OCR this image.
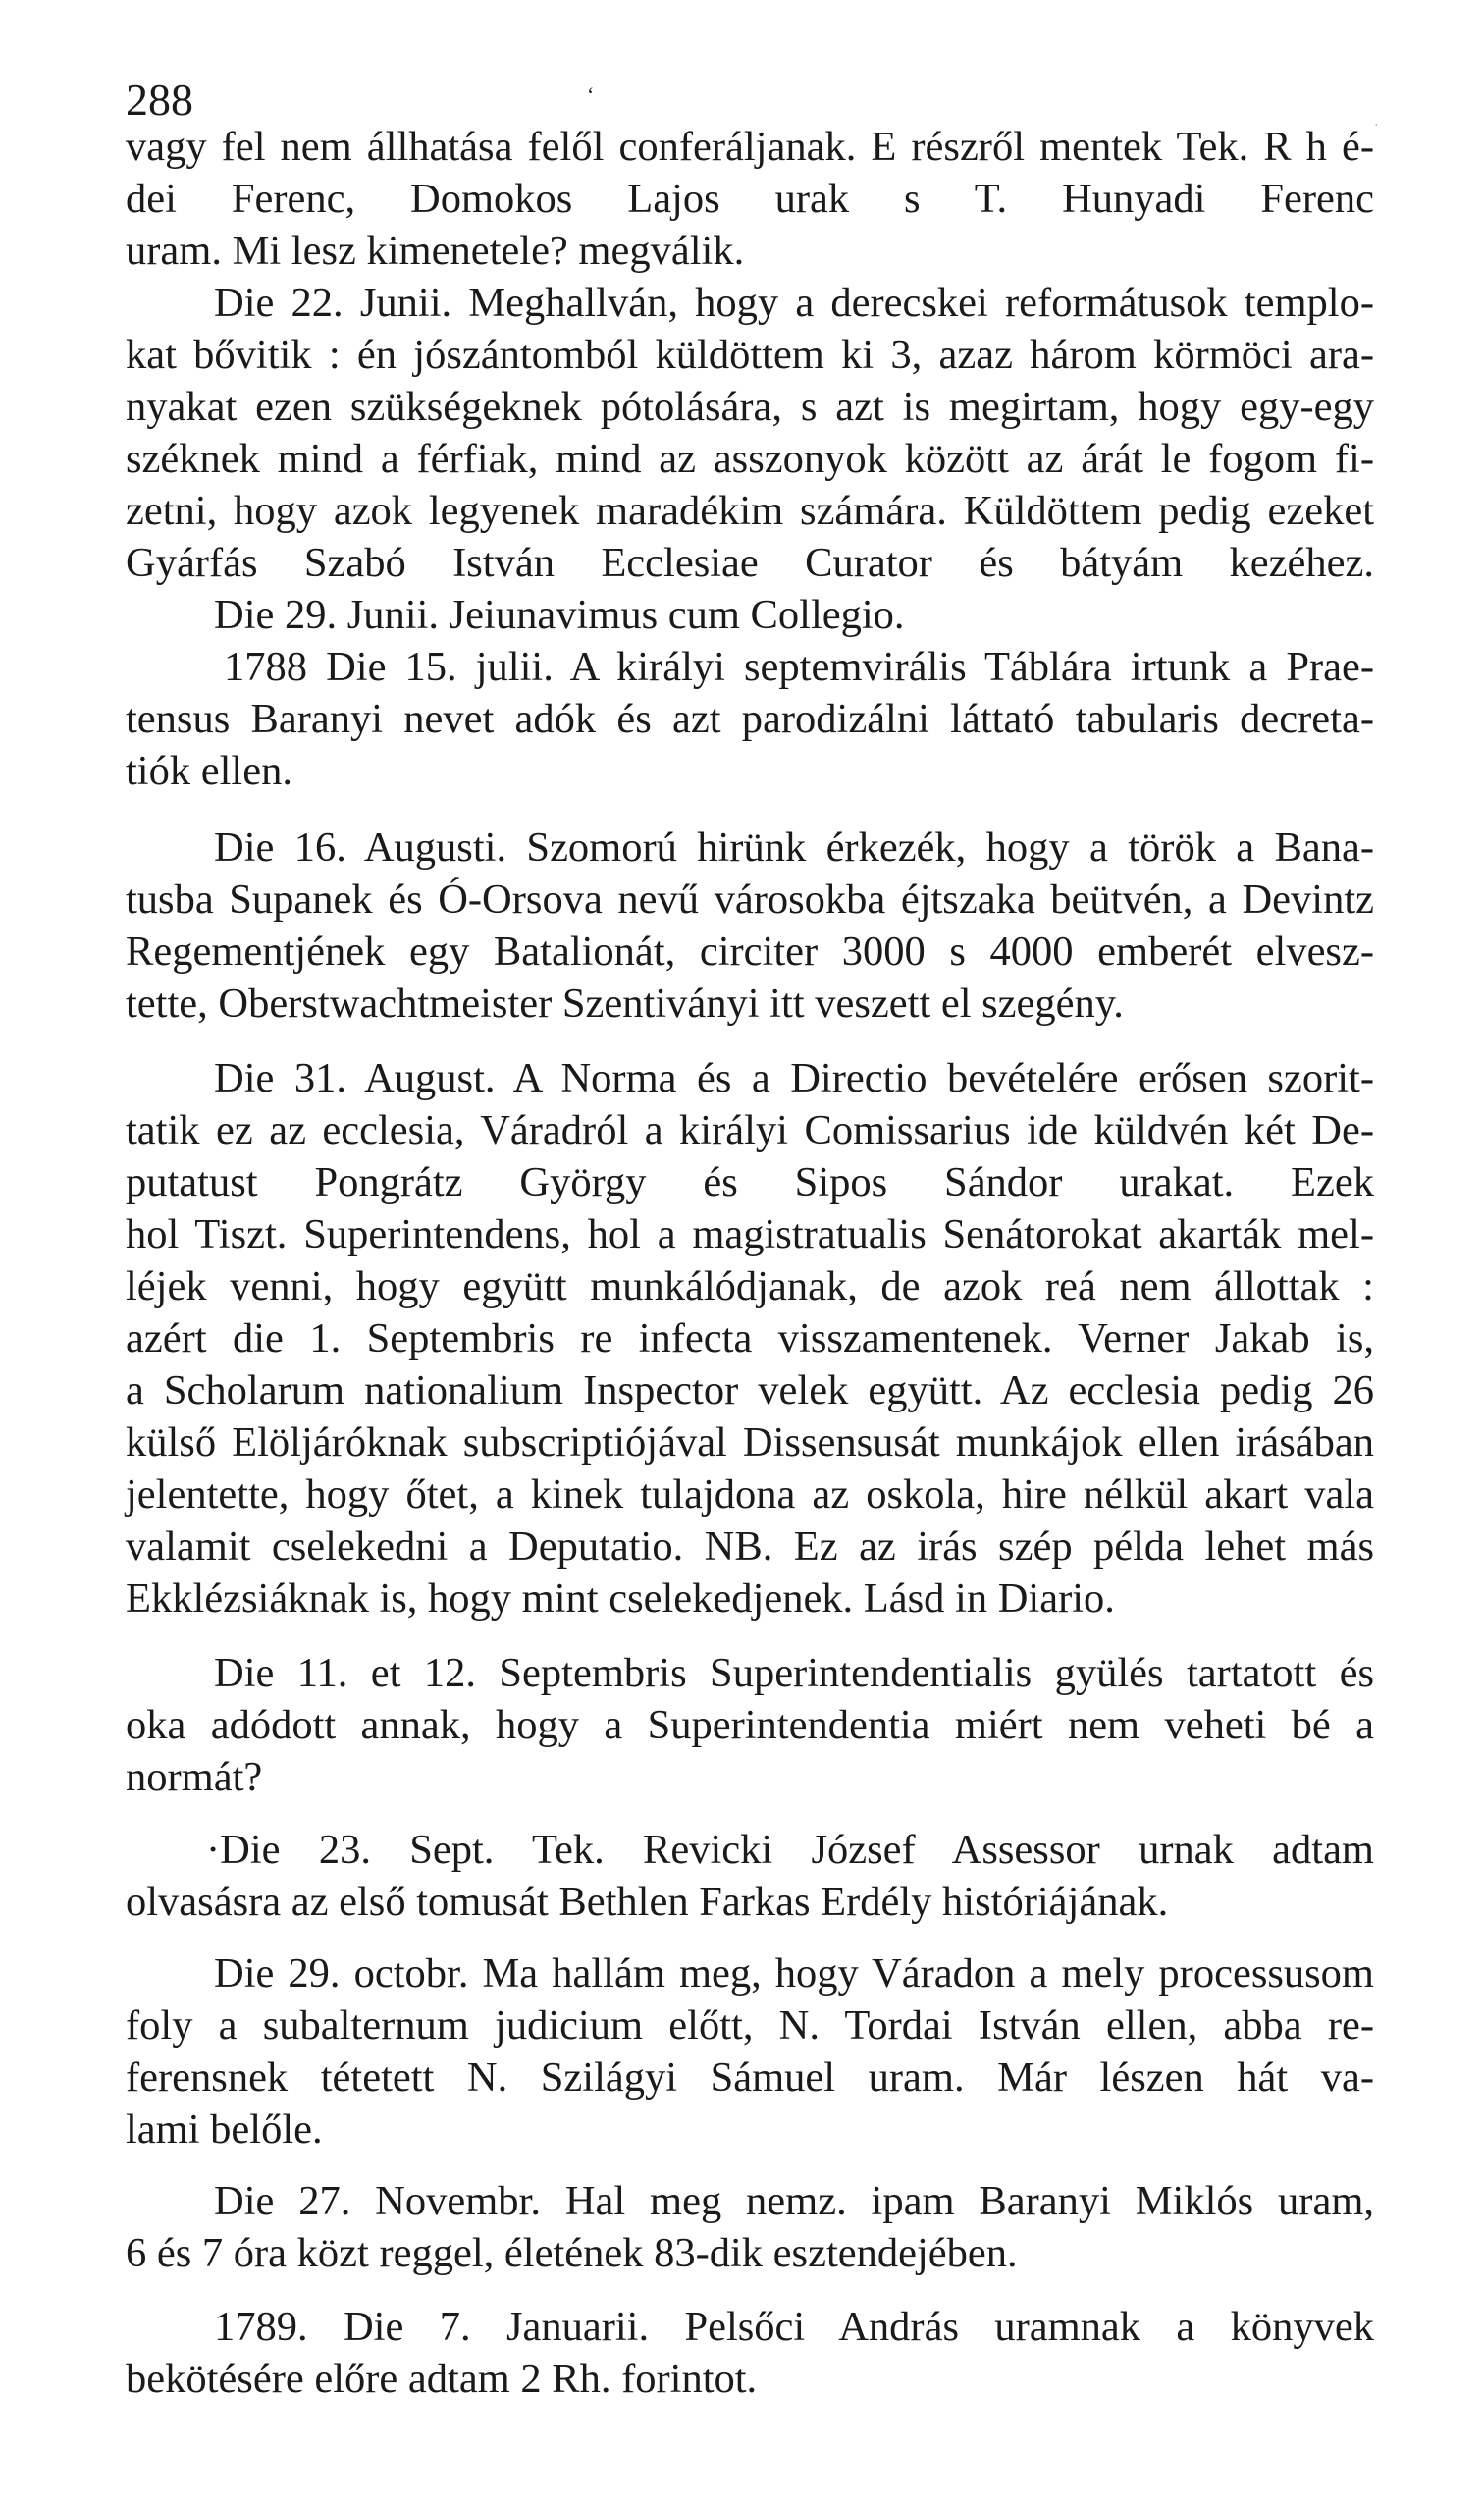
288	ʻ
·
vagy fel nem állhatása felől conferáljanak. E részről mentek Tek. R h é-
dei Ferenc, Domokos Lajos urak s T. Hunyadi Ferenc
uram. Mi lesz kimenetele? megválik.
Die 22. Junii. Meghallván, hogy a derecskei reformátusok templo-
kat bővitik : én jószántomból küldöttem ki 3, azaz három körmöci ara-
nyakat ezen szükségeknek pótolására, s azt is megirtam, hogy egy-egy
széknek mind a férfiak, mind az asszonyok között az árát le fogom fi-
zetni, hogy azok legyenek maradékim számára. Küldöttem pedig ezeket
Gyárfás Szabó István Ecclesiae Curator és bátyám kezéhez.
Die 29. Junii. Jeiunavimus cum Collegio.
1788 Die 15. julii. A királyi septemvirális Táblára irtunk a Prae-
tensus Baranyi nevet adók és azt parodizálni láttató tabularis decreta-
tiók ellen.
Die 16. Augusti. Szomorú hirünk érkezék, hogy a török a Bana-
tusba Supanek és Ó-Orsova nevű városokba éjtszaka beütvén, a Devintz
Regementjének egy Batalionát, circiter 3000 s 4000 emberét elvesz-
tette, Oberstwachtmeister Szentiványi itt veszett el szegény.
Die 31. August. A Norma és a Directio bevételére erősen szorit-
tatik ez az ecclesia, Váradról a királyi Comissarius ide küldvén két De-
putatust Pongrátz György és Sipos Sándor urakat. Ezek
hol Tiszt. Superintendens, hol a magistratualis Senátorokat akarták mel-
léjek venni, hogy együtt munkálódjanak, de azok reá nem állottak :
azért die 1. Septembris re infecta visszamentenek. Verner Jakab is,
a Scholarum nationalium Inspector velek együtt. Az ecclesia pedig 26
külső Elöljáróknak subscriptiójával Dissensusát munkájok ellen irásában
jelentette, hogy őtet, a kinek tulajdona az oskola, hire nélkül akart vala
valamit cselekedni a Deputatio. NB. Ez az irás szép példa lehet más
Ekklézsiáknak is, hogy mint cselekedjenek. Lásd in Diario.
Die 11. et 12. Septembris Superintendentialis gyülés tartatott és
oka adódott annak, hogy a Superintendentia miért nem veheti bé a
normát?
·Die 23. Sept. Tek. Revicki József Assessor urnak adtam
olvasásra az első tomusát Bethlen Farkas Erdély históriájának.
Die 29. octobr. Ma hallám meg, hogy Váradon a mely processusom
foly a subalternum judicium előtt, N. Tordai István ellen, abba re-
ferensnek tétetett N. Szilágyi Sámuel uram. Már lészen hát va-
lami belőle.
Die 27. Novembr. Hal meg nemz. ipam Baranyi Miklós uram,
6 és 7 óra közt reggel, életének 83-dik esztendejében.
1789. Die 7. Januarii. Pelsőci András uramnak a könyvek
bekötésére előre adtam 2 Rh. forintot.
